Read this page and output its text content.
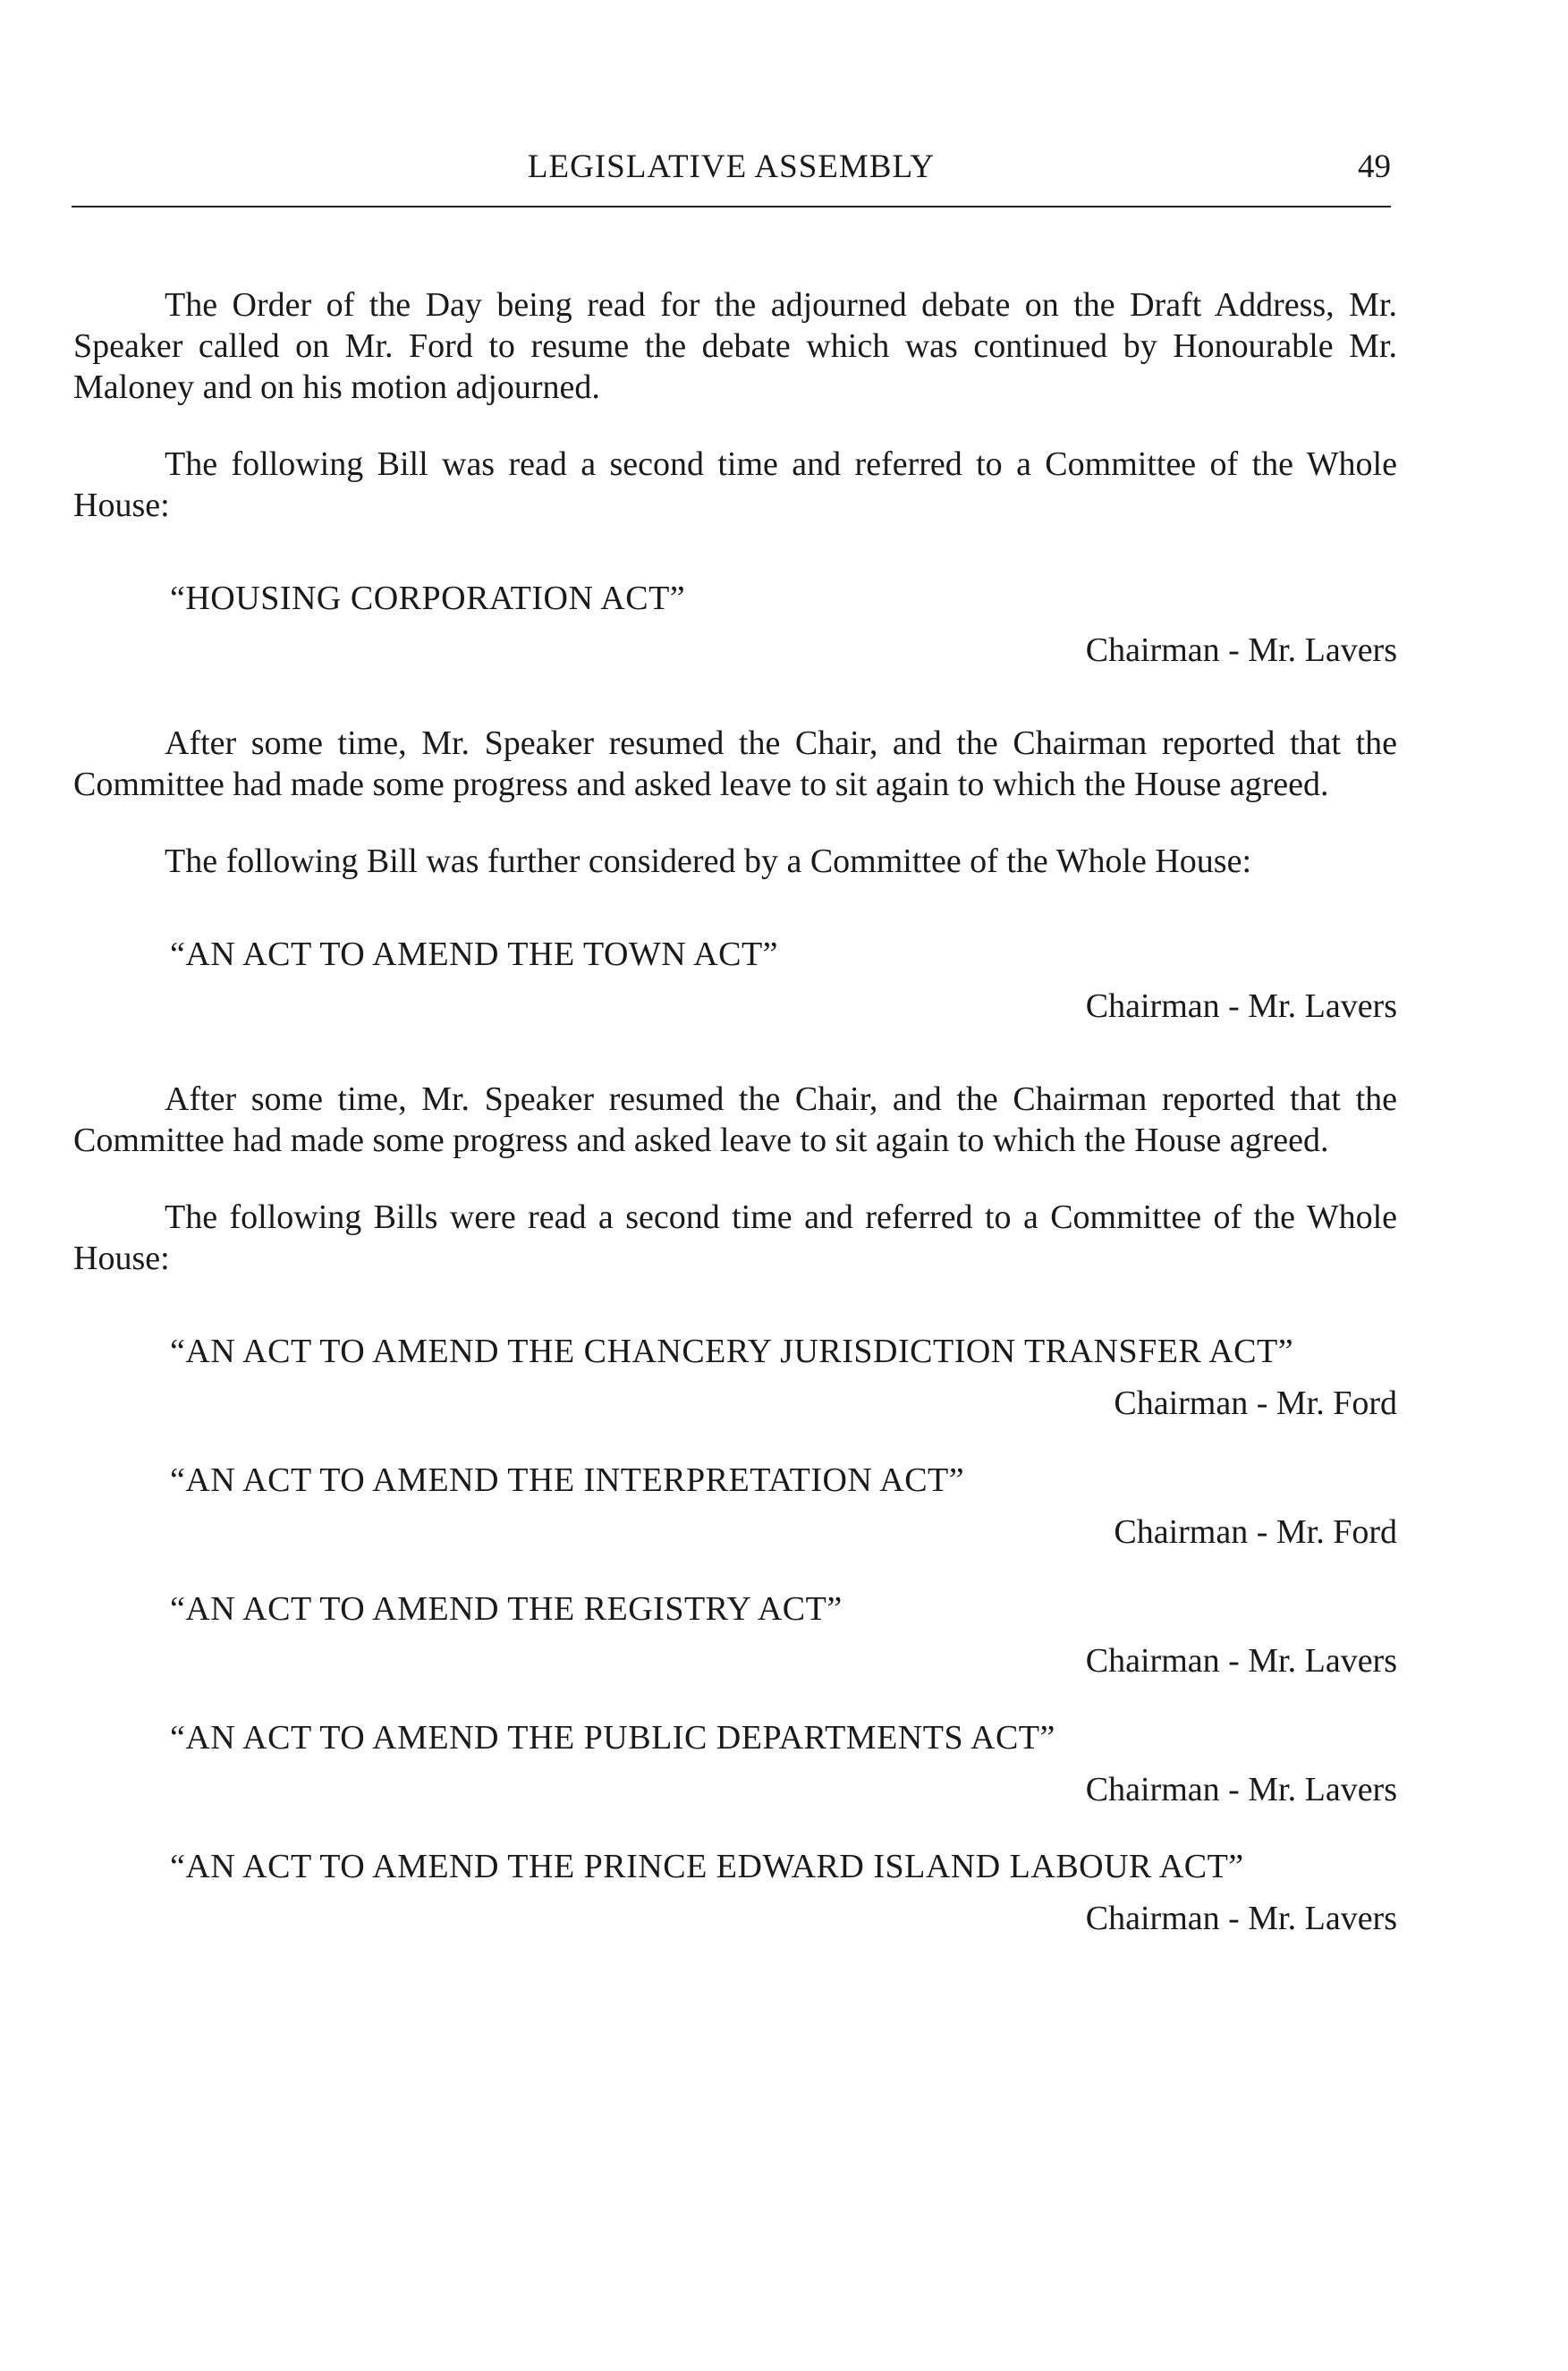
LEGISLATIVE ASSEMBLY	49

The Order of the Day being read for the adjourned debate on the Draft Address, Mr. Speaker called on Mr. Ford to resume the debate which was continued by Honourable Mr. Maloney and on his motion adjourned.

The following Bill was read a second time and referred to a Committee of the Whole House:

“HOUSING CORPORATION ACT”

Chairman - Mr. Lavers

After some time, Mr. Speaker resumed the Chair, and the Chairman reported that the Committee had made some progress and asked leave to sit again to which the House agreed.

The following Bill was further considered by a Committee of the Whole House:

“AN ACT TO AMEND THE TOWN ACT”

Chairman - Mr. Lavers

After some time, Mr. Speaker resumed the Chair, and the Chairman reported that the Committee had made some progress and asked leave to sit again to which the House agreed.

The following Bills were read a second time and referred to a Committee of the Whole House:

“AN ACT TO AMEND THE CHANCERY JURISDICTION TRANSFER ACT”

Chairman - Mr. Ford

“AN ACT TO AMEND THE INTERPRETATION ACT”

Chairman - Mr. Ford

“AN ACT TO AMEND THE REGISTRY ACT”

Chairman - Mr. Lavers

“AN ACT TO AMEND THE PUBLIC DEPARTMENTS ACT”

Chairman - Mr. Lavers

“AN ACT TO AMEND THE PRINCE EDWARD ISLAND LABOUR ACT”

Chairman - Mr. Lavers
